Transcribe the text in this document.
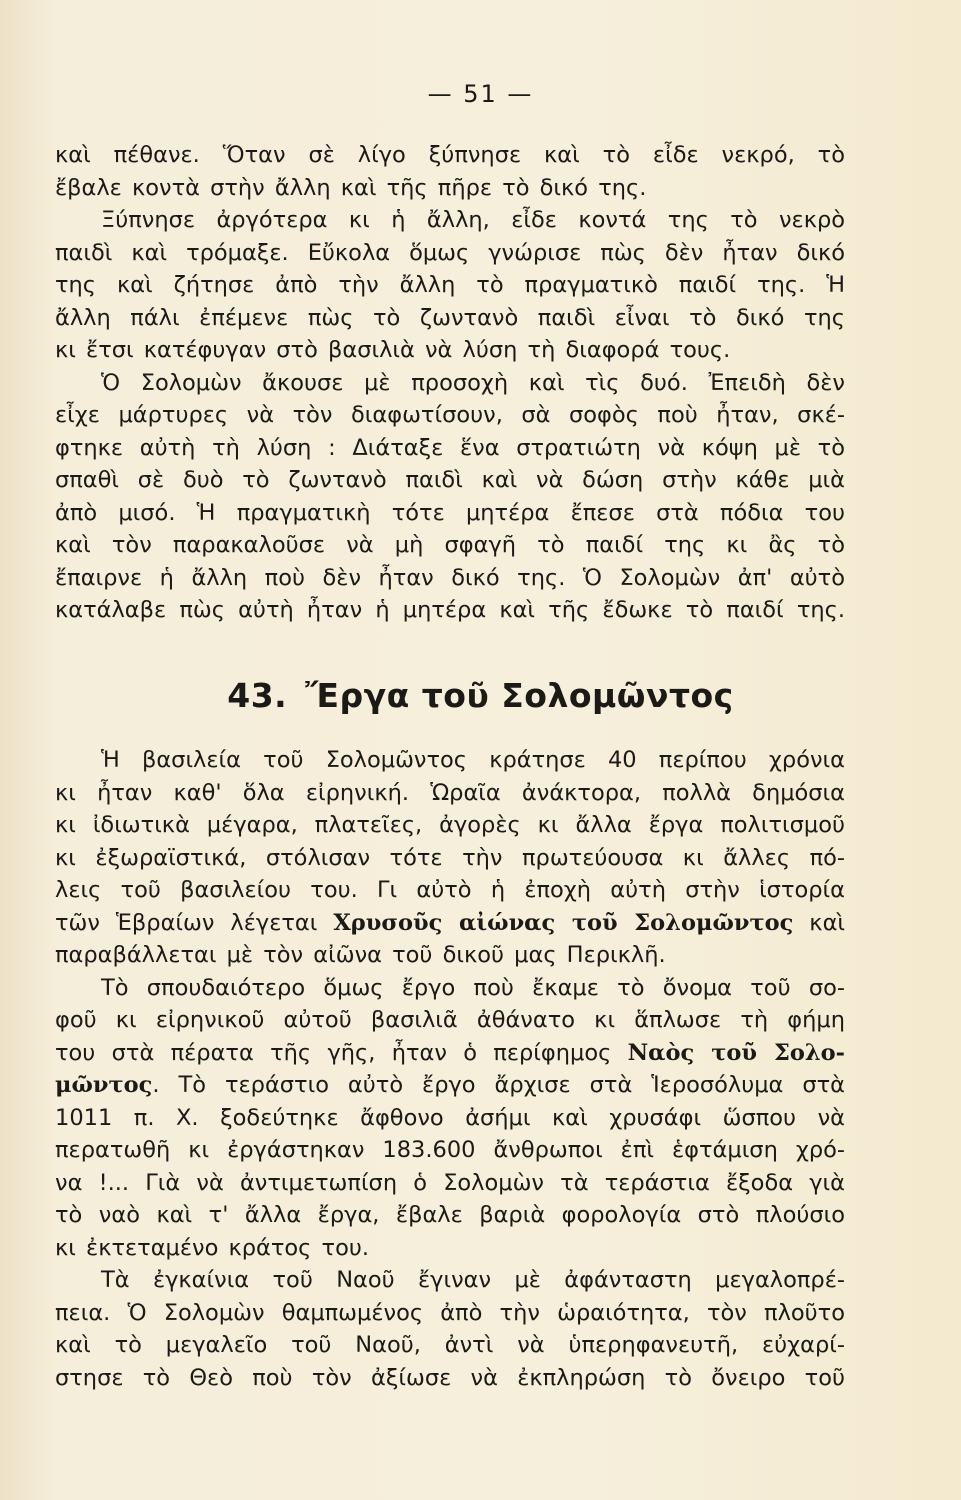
— 51 —
καὶ πέθανε. Ὅταν σὲ λίγο ξύπνησε καὶ τὸ εἶδε νεκρό, τὸ
ἔβαλε κοντὰ στὴν ἄλλη καὶ τῆς πῆρε τὸ δικό της.
Ξύπνησε ἀργότερα κι ἡ ἄλλη, εἶδε κοντά της τὸ νεκρὸ
παιδὶ καὶ τρόμαξε. Εὔκολα ὅμως γνώρισε πὼς δὲν ἦταν δικό
της καὶ ζήτησε ἀπὸ τὴν ἄλλη τὸ πραγματικὸ παιδί της. Ἡ
ἄλλη πάλι ἐπέμενε πὼς τὸ ζωντανὸ παιδὶ εἶναι τὸ δικό της
κι ἔτσι κατέφυγαν στὸ βασιλιὰ νὰ λύση τὴ διαφορά τους.
Ὁ Σολομὼν ἄκουσε μὲ προσοχὴ καὶ τὶς δυό. Ἐπειδὴ δὲν
εἶχε μάρτυρες νὰ τὸν διαφωτίσουν, σὰ σοφὸς ποὺ ἦταν, σκέ-
φτηκε αὐτὴ τὴ λύση : Διάταξε ἕνα στρατιώτη νὰ κόψη μὲ τὸ
σπαθὶ σὲ δυὸ τὸ ζωντανὸ παιδὶ καὶ νὰ δώση στὴν κάθε μιὰ
ἀπὸ μισό. Ἡ πραγματικὴ τότε μητέρα ἔπεσε στὰ πόδια του
καὶ τὸν παρακαλοῦσε νὰ μὴ σφαγῆ τὸ παιδί της κι ἂς τὸ
ἔπαιρνε ἡ ἄλλη ποὺ δὲν ἦταν δικό της. Ὁ Σολομὼν ἀπ' αὐτὸ
κατάλαβε πὼς αὐτὴ ἦταν ἡ μητέρα καὶ τῆς ἔδωκε τὸ παιδί της.
43. Ἔργα τοῦ Σολομῶντος
Ἡ βασιλεία τοῦ Σολομῶντος κράτησε 40 περίπου χρόνια
κι ἦταν καθ' ὅλα εἰρηνική. Ὡραῖα ἀνάκτορα, πολλὰ δημόσια
κι ἰδιωτικὰ μέγαρα, πλατεῖες, ἀγορὲς κι ἄλλα ἔργα πολιτισμοῦ
κι ἐξωραϊστικά, στόλισαν τότε τὴν πρωτεύουσα κι ἄλλες πό-
λεις τοῦ βασιλείου του. Γι αὐτὸ ἡ ἐποχὴ αὐτὴ στὴν ἱστορία
τῶν Ἑβραίων λέγεται Χρυσοῦς αἰώνας τοῦ Σολομῶντος καὶ
παραβάλλεται μὲ τὸν αἰῶνα τοῦ δικοῦ μας Περικλῆ.
Τὸ σπουδαιότερο ὅμως ἔργο ποὺ ἔκαμε τὸ ὄνομα τοῦ σο-
φοῦ κι εἰρηνικοῦ αὐτοῦ βασιλιᾶ ἀθάνατο κι ἅπλωσε τὴ φήμη
του στὰ πέρατα τῆς γῆς, ἦταν ὁ περίφημος Ναὸς τοῦ Σολο-
μῶντος. Τὸ τεράστιο αὐτὸ ἔργο ἄρχισε στὰ Ἱεροσόλυμα στὰ
1011 π. Χ. ξοδεύτηκε ἄφθονο ἀσήμι καὶ χρυσάφι ὥσπου νὰ
περατωθῆ κι ἐργάστηκαν 183.600 ἄνθρωποι ἐπὶ ἑφτάμιση χρό-
να !... Γιὰ νὰ ἀντιμετωπίση ὁ Σολομὼν τὰ τεράστια ἔξοδα γιὰ
τὸ ναὸ καὶ τ' ἄλλα ἔργα, ἔβαλε βαριὰ φορολογία στὸ πλούσιο
κι ἐκτεταμένο κράτος του.
Τὰ ἐγκαίνια τοῦ Ναοῦ ἔγιναν μὲ ἀφάνταστη μεγαλοπρέ-
πεια. Ὁ Σολομὼν θαμπωμένος ἀπὸ τὴν ὡραιότητα, τὸν πλοῦτο
καὶ τὸ μεγαλεῖο τοῦ Ναοῦ, ἀντὶ νὰ ὑπερηφανευτῆ, εὐχαρί-
στησε τὸ Θεὸ ποὺ τὸν ἀξίωσε νὰ ἐκπληρώση τὸ ὄνειρο τοῦ
